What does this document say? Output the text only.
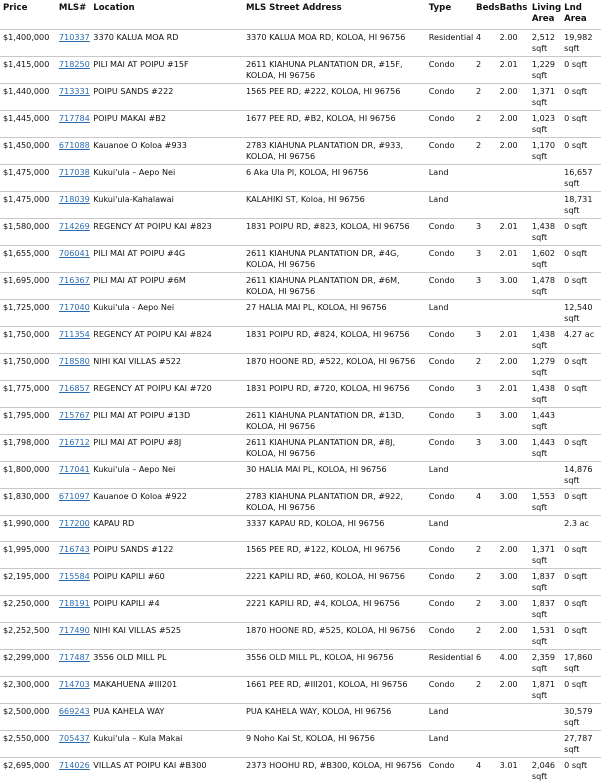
Price	MLS#	Location	MLS Street Address	Type	Beds	Baths	Living Area	Lnd Area
$1,400,000	710337	3370 KALUA MOA RD	3370 KALUA MOA RD, KOLOA, HI 96756	Residential	4	2.00	2,512 sqft	19,982 sqft
$1,415,000	718250	PILI MAI AT POIPU #15F	2611 KIAHUNA PLANTATION DR, #15F, KOLOA, HI 96756	Condo	2	2.01	1,229 sqft	0 sqft
$1,440,000	713331	POIPU SANDS #222	1565 PEE RD, #222, KOLOA, HI 96756	Condo	2	2.00	1,371 sqft	0 sqft
$1,445,000	717784	POIPU MAKAI #B2	1677 PEE RD, #B2, KOLOA, HI 96756	Condo	2	2.00	1,023 sqft	0 sqft
$1,450,000	671088	Kauanoe O Koloa #933	2783 KIAHUNA PLANTATION DR, #933, KOLOA, HI 96756	Condo	2	2.00	1,170 sqft	0 sqft
$1,475,000	717038	Kukui'ula – Aepo Nei	6 Aka Ula Pl, KOLOA, HI 96756	Land				16,657 sqft
$1,475,000	718039	Kukui'ula-Kahalawai	KALAHIKI ST, Koloa, HI 96756	Land				18,731 sqft
$1,580,000	714269	REGENCY AT POIPU KAI #823	1831 POIPU RD, #823, KOLOA, HI 96756	Condo	3	2.01	1,438 sqft	0 sqft
$1,655,000	706041	PILI MAI AT POIPU #4G	2611 KIAHUNA PLANTATION DR, #4G, KOLOA, HI 96756	Condo	3	2.01	1,602 sqft	0 sqft
$1,695,000	716367	PILI MAI AT POIPU #6M	2611 KIAHUNA PLANTATION DR, #6M, KOLOA, HI 96756	Condo	3	3.00	1,478 sqft	0 sqft
$1,725,000	717040	Kukui'ula - Aepo Nei	27 HALIA MAI PL, KOLOA, HI 96756	Land				12,540 sqft
$1,750,000	711354	REGENCY AT POIPU KAI #824	1831 POIPU RD, #824, KOLOA, HI 96756	Condo	3	2.01	1,438 sqft	4.27 ac
$1,750,000	718580	NIHI KAI VILLAS #522	1870 HOONE RD, #522, KOLOA, HI 96756	Condo	2	2.00	1,279 sqft	0 sqft
$1,775,000	716857	REGENCY AT POIPU KAI #720	1831 POIPU RD, #720, KOLOA, HI 96756	Condo	3	2.01	1,438 sqft	0 sqft
$1,795,000	715767	PILI MAI AT POIPU #13D	2611 KIAHUNA PLANTATION DR, #13D, KOLOA, HI 96756	Condo	3	3.00	1,443 sqft	
$1,798,000	716712	PILI MAI AT POIPU #8J	2611 KIAHUNA PLANTATION DR, #8J, KOLOA, HI 96756	Condo	3	3.00	1,443 sqft	0 sqft
$1,800,000	717041	Kukui'ula – Aepo Nei	30 HALIA MAI PL, KOLOA, HI 96756	Land				14,876 sqft
$1,830,000	671097	Kauanoe O Koloa #922	2783 KIAHUNA PLANTATION DR, #922, KOLOA, HI 96756	Condo	4	3.00	1,553 sqft	0 sqft
$1,990,000	717200	KAPAU RD	3337 KAPAU RD, KOLOA, HI 96756	Land				2.3 ac
$1,995,000	716743	POIPU SANDS #122	1565 PEE RD, #122, KOLOA, HI 96756	Condo	2	2.00	1,371 sqft	0 sqft
$2,195,000	715584	POIPU KAPILI #60	2221 KAPILI RD, #60, KOLOA, HI 96756	Condo	2	3.00	1,837 sqft	0 sqft
$2,250,000	718191	POIPU KAPILI #4	2221 KAPILI RD, #4, KOLOA, HI 96756	Condo	2	3.00	1,837 sqft	0 sqft
$2,252,500	717490	NIHI KAI VILLAS #525	1870 HOONE RD, #525, KOLOA, HI 96756	Condo	2	2.00	1,531 sqft	0 sqft
$2,299,000	717487	3556 OLD MILL PL	3556 OLD MILL PL, KOLOA, HI 96756	Residential	6	4.00	2,359 sqft	17,860 sqft
$2,300,000	714703	MAKAHUENA #III201	1661 PEE RD, #III201, KOLOA, HI 96756	Condo	2	2.00	1,871 sqft	0 sqft
$2,500,000	669243	PUA KAHELA WAY	PUA KAHELA WAY, KOLOA, HI 96756	Land				30,579 sqft
$2,550,000	705437	Kukui'ula – Kula Makai	9 Noho Kai St, KOLOA, HI 96756	Land				27,787 sqft
$2,695,000	714026	VILLAS AT POIPU KAI #B300	2373 HOOHU RD, #B300, KOLOA, HI 96756	Condo	4	3.01	2,046 sqft	0 sqft
